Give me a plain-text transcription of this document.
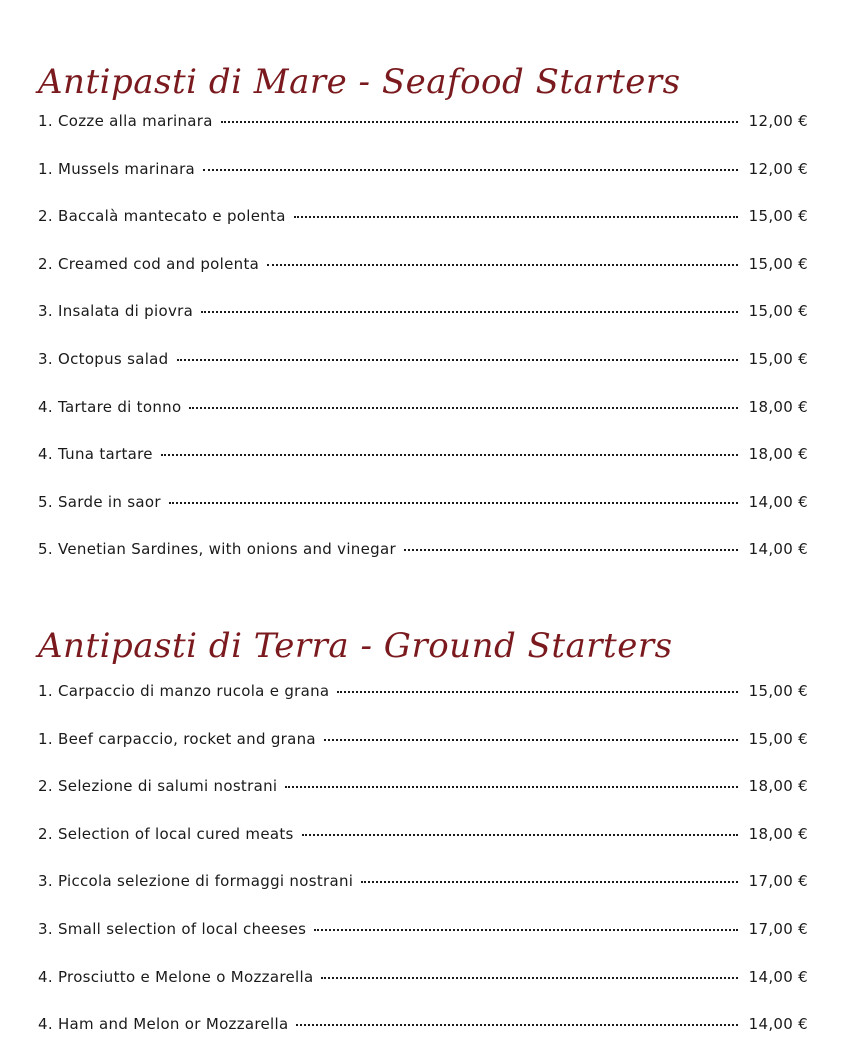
Antipasti di Mare - Seafood Starters
1. Cozze alla marinara	12,00 €
1. Mussels marinara	12,00 €
2. Baccalà mantecato e polenta	15,00 €
2. Creamed cod and polenta	15,00 €
3. Insalata di piovra	15,00 €
3. Octopus salad	15,00 €
4. Tartare di tonno	18,00 €
4. Tuna tartare	18,00 €
5. Sarde in saor	14,00 €
5. Venetian Sardines, with onions and vinegar	14,00 €
Antipasti di Terra - Ground Starters
1. Carpaccio di manzo rucola e grana	15,00 €
1. Beef carpaccio, rocket and grana	15,00 €
2. Selezione di salumi nostrani	18,00 €
2. Selection of local cured meats	18,00 €
3. Piccola selezione di formaggi nostrani	17,00 €
3. Small selection of local cheeses	17,00 €
4. Prosciutto e Melone o Mozzarella	14,00 €
4. Ham and Melon or Mozzarella	14,00 €
